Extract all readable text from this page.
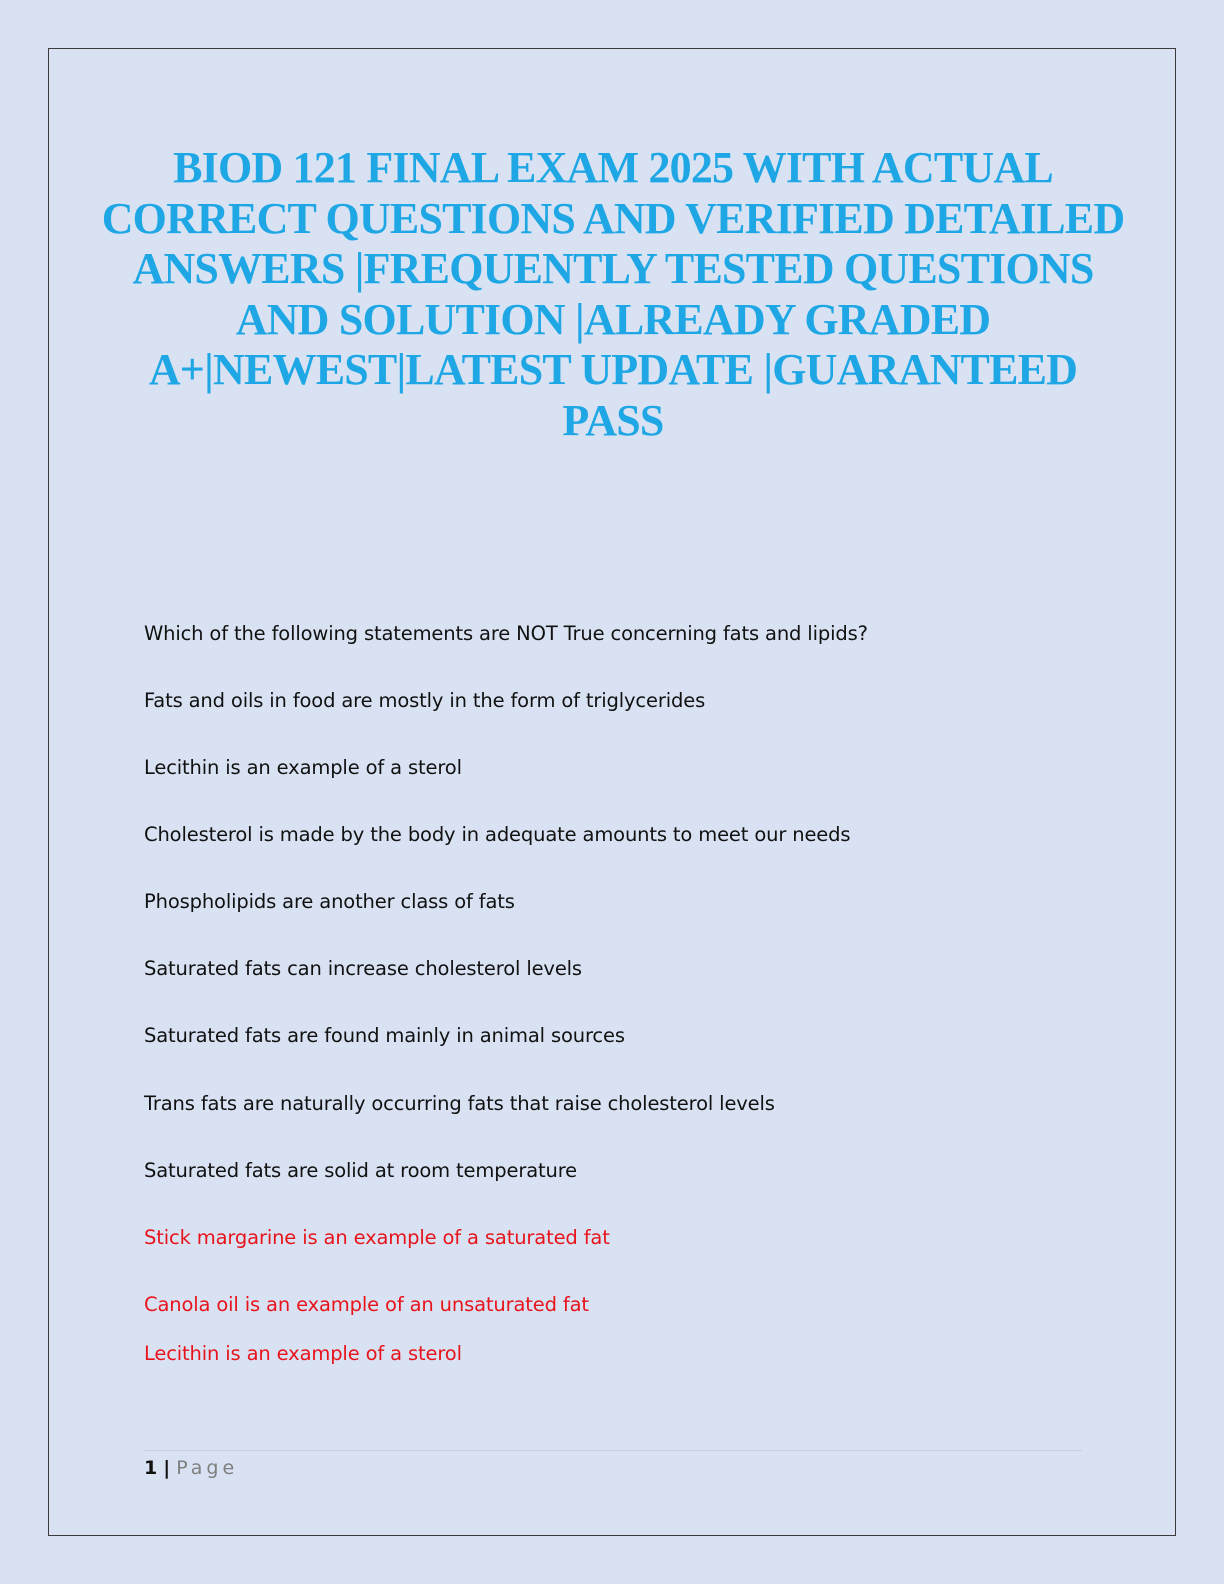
BIOD 121 FINAL EXAM 2025 WITH ACTUAL CORRECT QUESTIONS AND VERIFIED DETAILED ANSWERS |FREQUENTLY TESTED QUESTIONS AND SOLUTION |ALREADY GRADED A+|NEWEST|LATEST UPDATE |GUARANTEED PASS
Which of the following statements are NOT True concerning fats and lipids?
Fats and oils in food are mostly in the form of triglycerides
Lecithin is an example of a sterol
Cholesterol is made by the body in adequate amounts to meet our needs
Phospholipids are another class of fats
Saturated fats can increase cholesterol levels
Saturated fats are found mainly in animal sources
Trans fats are naturally occurring fats that raise cholesterol levels
Saturated fats are solid at room temperature
Stick margarine is an example of a saturated fat
Canola oil is an example of an unsaturated fat
Lecithin is an example of a sterol
1 | Page
